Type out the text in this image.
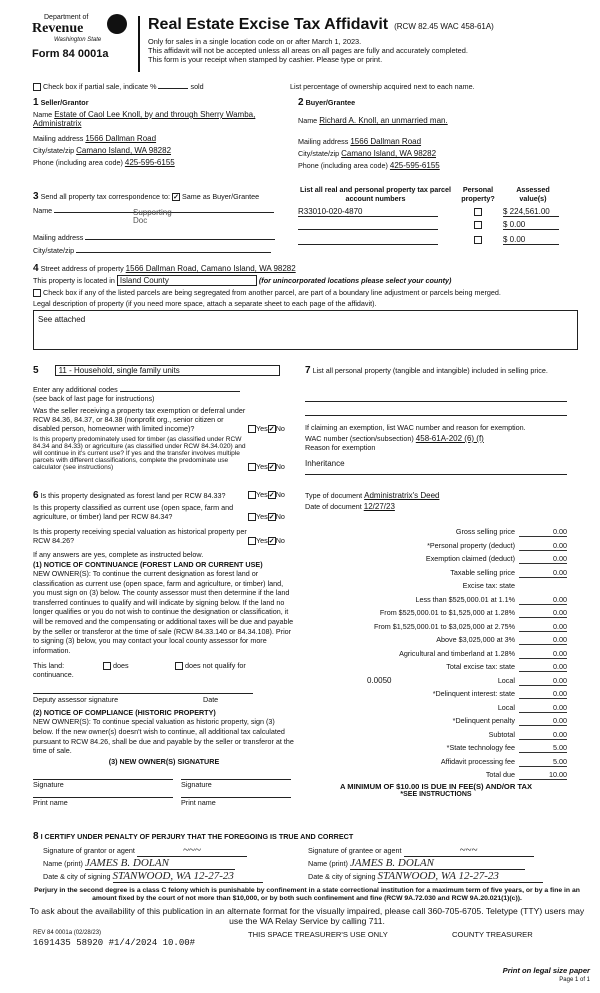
Department of
Revenue
Washington State
Form 84 0001a
Real Estate Excise Tax Affidavit (RCW 82.45 WAC 458-61A)
Only for sales in a single location code on or after March 1, 2023.
This affidavit will not be accepted unless all areas on all pages are fully and accurately completed.
This form is your receipt when stamped by cashier. Please type or print.
Check box if partial sale, indicate %	sold	List percentage of ownership acquired next to each name.
1 Seller/Grantor
Name Estate of Caol Lee Knoll, by and through Sherry Wamba,
Administratrix
Mailing address 1566 Dallman Road
City/state/zip Camano Island, WA 98282
Phone (including area code) 425-595-6155
2 Buyer/Grantee
Name Richard A. Knoll, an unmarried man.
Mailing address 1566 Dallman Road
City/state/zip Camano Island, WA 98282
Phone (including area code) 425-595-6155
3 Send all property tax correspondence to: ✓ Same as Buyer/Grantee
Name	Supporting Doc
Mailing address
City/state/zip
List all real and personal property tax parcel account numbers
Personal property?
Assessed value(s)
R33010-020-4870	$ 224,561.00
$ 0.00
$ 0.00
4 Street address of property 1566 Dallman Road, Camano Island, WA 98282
This property is located in Island County	(for unincorporated locations please select your county)
Check box if any of the listed parcels are being segregated from another parcel, are part of a boundary line adjustment or parcels being merged.
Legal description of property (if you need more space, attach a separate sheet to each page of the affidavit).
See attached
5	11 - Household, single family units
Enter any additional codes
(see back of last page for instructions)
Was the seller receiving a property tax exemption or deferral under RCW 84.36, 84.37, or 84.38 (nonprofit org., senior citizen or disabled person, homeowner with limited income)?	Yes✓No
Is this property predominately used for timber (as classified under RCW 84.34 and 84.33) or agriculture (as classified under RCW 84.34.020) and will continue in it's current use? If yes and the transfer involves multiple parcels with different classifications, complete the predominate use calculator (see instructions)	Yes✓No
6 Is this property designated as forest land per RCW 84.33?	Yes✓No
Is this property classified as current use (open space, farm and agriculture, or timber) land per RCW 84.34?	Yes✓No
Is this property receiving special valuation as historical property per RCW 84.26?	Yes✓No
If any answers are yes, complete as instructed below.
(1) NOTICE OF CONTINUANCE (FOREST LAND OR CURRENT USE)
NEW OWNER(S): To continue the current designation as forest land or classification as current use (open space, farm and agriculture, or timber) land, you must sign on (3) below. The county assessor must then determine if the land transferred continues to qualify and will indicate by signing below. If the land no longer qualifies or you do not wish to continue the designation or classification, it will be removed and the compensating or additional taxes will be due and payable by the seller or transferor at the time of sale (RCW 84.33.140 or 84.34.108). Prior to signing (3) below, you may contact your local county assessor for more information.
This land:	does	does not qualify for
continuance.
Deputy assessor signature	Date
(2) NOTICE OF COMPLIANCE (HISTORIC PROPERTY)
NEW OWNER(S): To continue special valuation as historic property, sign (3) below. If the new owner(s) doesn't wish to continue, all additional tax calculated pursuant to RCW 84.26, shall be due and payable by the seller or transferor at the time of sale.
(3) NEW OWNER(S) SIGNATURE
Signature	Signature
Print name	Print name
7 List all personal property (tangible and intangible) included in selling price.

If claiming an exemption, list WAC number and reason for exemption.
WAC number (section/subsection) 458-61A-202 (6) (f)
Reason for exemption
Inheritance
Type of document Administratrix's Deed
Date of document 12/27/23
Gross selling price	0.00
*Personal property (deduct)	0.00
Exemption claimed (deduct)	0.00
Taxable selling price	0.00
Excise tax: state
Less than $525,000.01 at 1.1%	0.00
From $525,000.01 to $1,525,000 at 1.28%	0.00
From $1,525,000.01 to $3,025,000 at 2.75%	0.00
Above $3,025,000 at 3%	0.00
Agricultural and timberland at 1.28%	0.00
Total excise tax: state	0.00
0.0050	Local	0.00
*Delinquent interest: state	0.00
Local	0.00
*Delinquent penalty	0.00
Subtotal	0.00
*State technology fee	5.00
Affidavit processing fee	5.00
Total due	10.00
A MINIMUM OF $10.00 IS DUE IN FEE(S) AND/OR TAX
*SEE INSTRUCTIONS
8 I CERTIFY UNDER PENALTY OF PERJURY THAT THE FOREGOING IS TRUE AND CORRECT
Signature of grantor or agent	~~~
Name (print) JAMES B. DOLAN
Date & city of signing STANWOOD, WA 12-27-23
Signature of grantee or agent	~~~
Name (print) JAMES B. DOLAN
Date & city of signing STANWOOD, WA 12-27-23
Perjury in the second degree is a class C felony which is punishable by confinement in a state correctional institution for a maximum term of five years, or by a fine in an amount fixed by the court of not more than $10,000, or by both such confinement and fine (RCW 9A.72.030 and RCW 9A.20.021(1)(c)).
To ask about the availability of this publication in an alternate format for the visually impaired, please call 360-705-6705. Teletype (TTY) users may use the WA Relay Service by calling 711.
REV 84 0001a (02/28/23)
1691435 58920 #1/4/2024 10.00#
THIS SPACE TREASURER'S USE ONLY	COUNTY TREASURER
Print on legal size paper
Page 1 of 1
